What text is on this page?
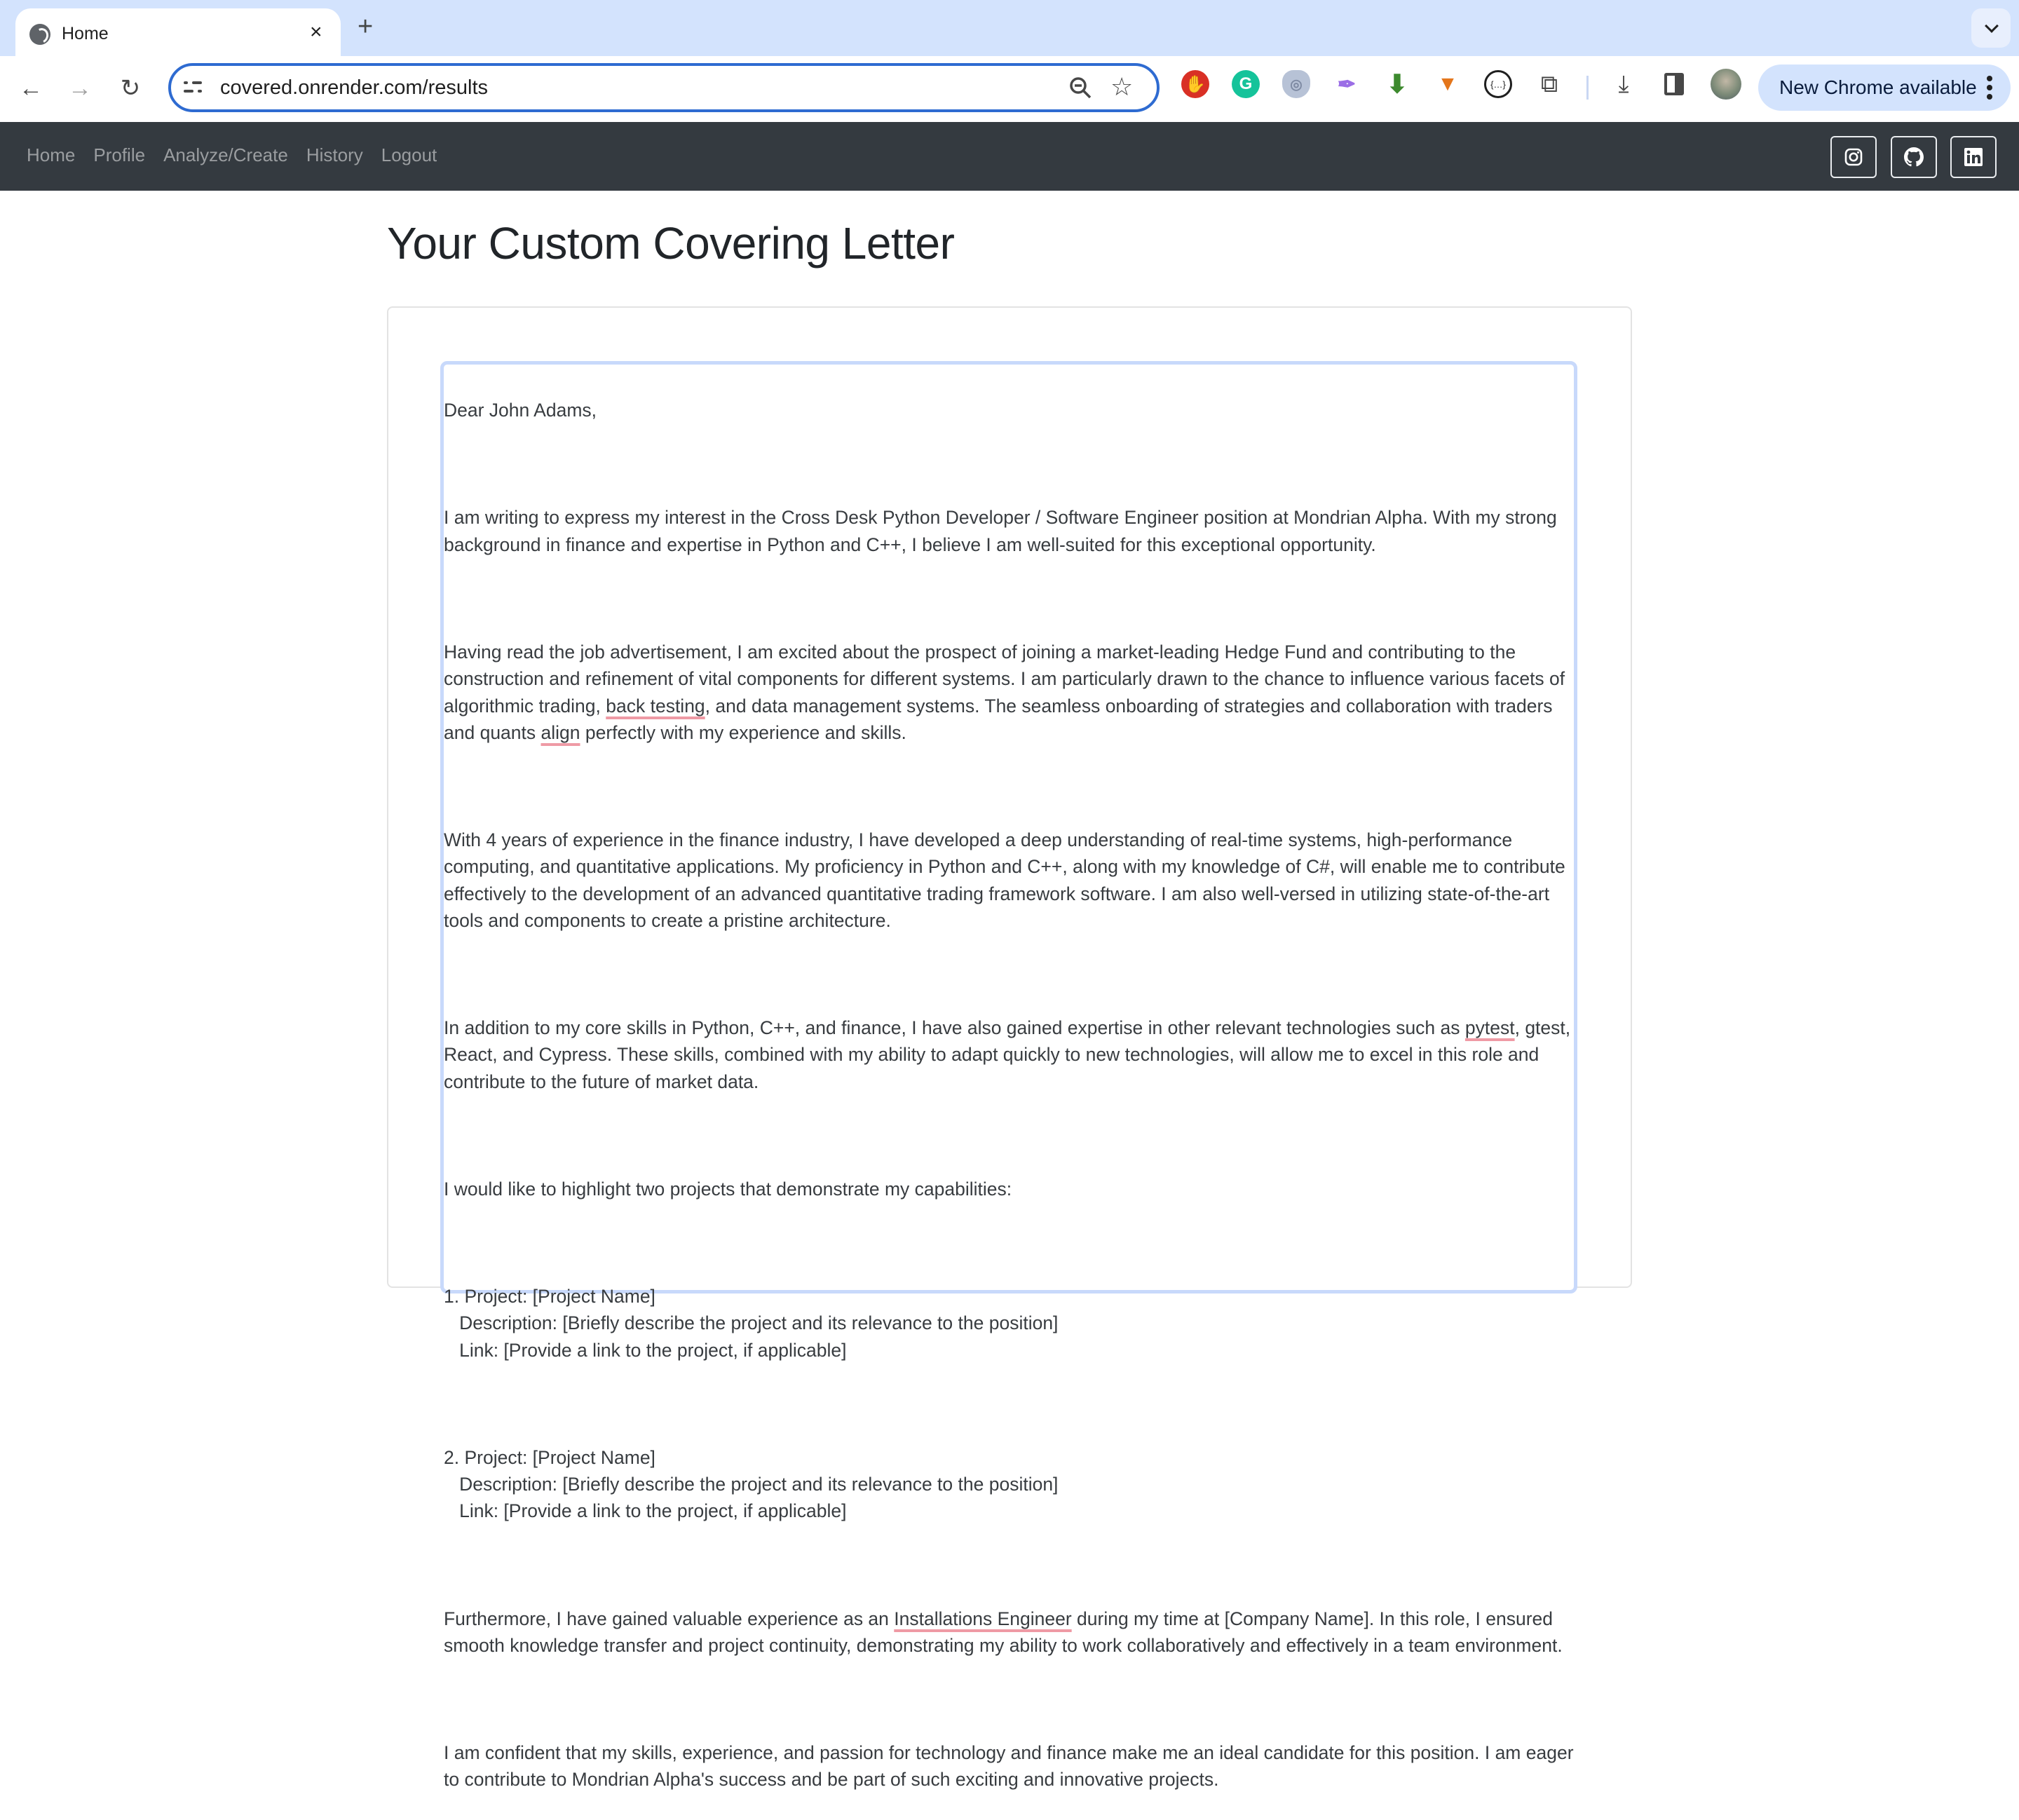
Home	× +
← → ↻	covered.onrender.com/results	☆	✋	G	◎	✒ ⬇ ▼	{…} ⧉	⤓	New Chrome available
Home Profile Analyze/Create History Logout
Your Custom Covering Letter

Dear John Adams,

I am writing to express my interest in the Cross Desk Python Developer / Software Engineer position at Mondrian Alpha. With my strong background in finance and expertise in Python and C++, I believe I am well-suited for this exceptional opportunity.

Having read the job advertisement, I am excited about the prospect of joining a market-leading Hedge Fund and contributing to the construction and refinement of vital components for different systems. I am particularly drawn to the chance to influence various facets of algorithmic trading, back testing, and data management systems. The seamless onboarding of strategies and collaboration with traders and quants align perfectly with my experience and skills.

With 4 years of experience in the finance industry, I have developed a deep understanding of real-time systems, high-performance computing, and quantitative applications. My proficiency in Python and C++, along with my knowledge of C#, will enable me to contribute effectively to the development of an advanced quantitative trading framework software. I am also well-versed in utilizing state-of-the-art tools and components to create a pristine architecture.

In addition to my core skills in Python, C++, and finance, I have also gained expertise in other relevant technologies such as pytest, gtest, React, and Cypress. These skills, combined with my ability to adapt quickly to new technologies, will allow me to excel in this role and contribute to the future of market data.

I would like to highlight two projects that demonstrate my capabilities:

1. Project: [Project Name]
Description: [Briefly describe the project and its relevance to the position]
Link: [Provide a link to the project, if applicable]

2. Project: [Project Name]
Description: [Briefly describe the project and its relevance to the position]
Link: [Provide a link to the project, if applicable]

Furthermore, I have gained valuable experience as an Installations Engineer during my time at [Company Name]. In this role, I ensured smooth knowledge transfer and project continuity, demonstrating my ability to work collaboratively and effectively in a team environment.

I am confident that my skills, experience, and passion for technology and finance make me an ideal candidate for this position. I am eager to contribute to Mondrian Alpha's success and be part of such exciting and innovative projects.
